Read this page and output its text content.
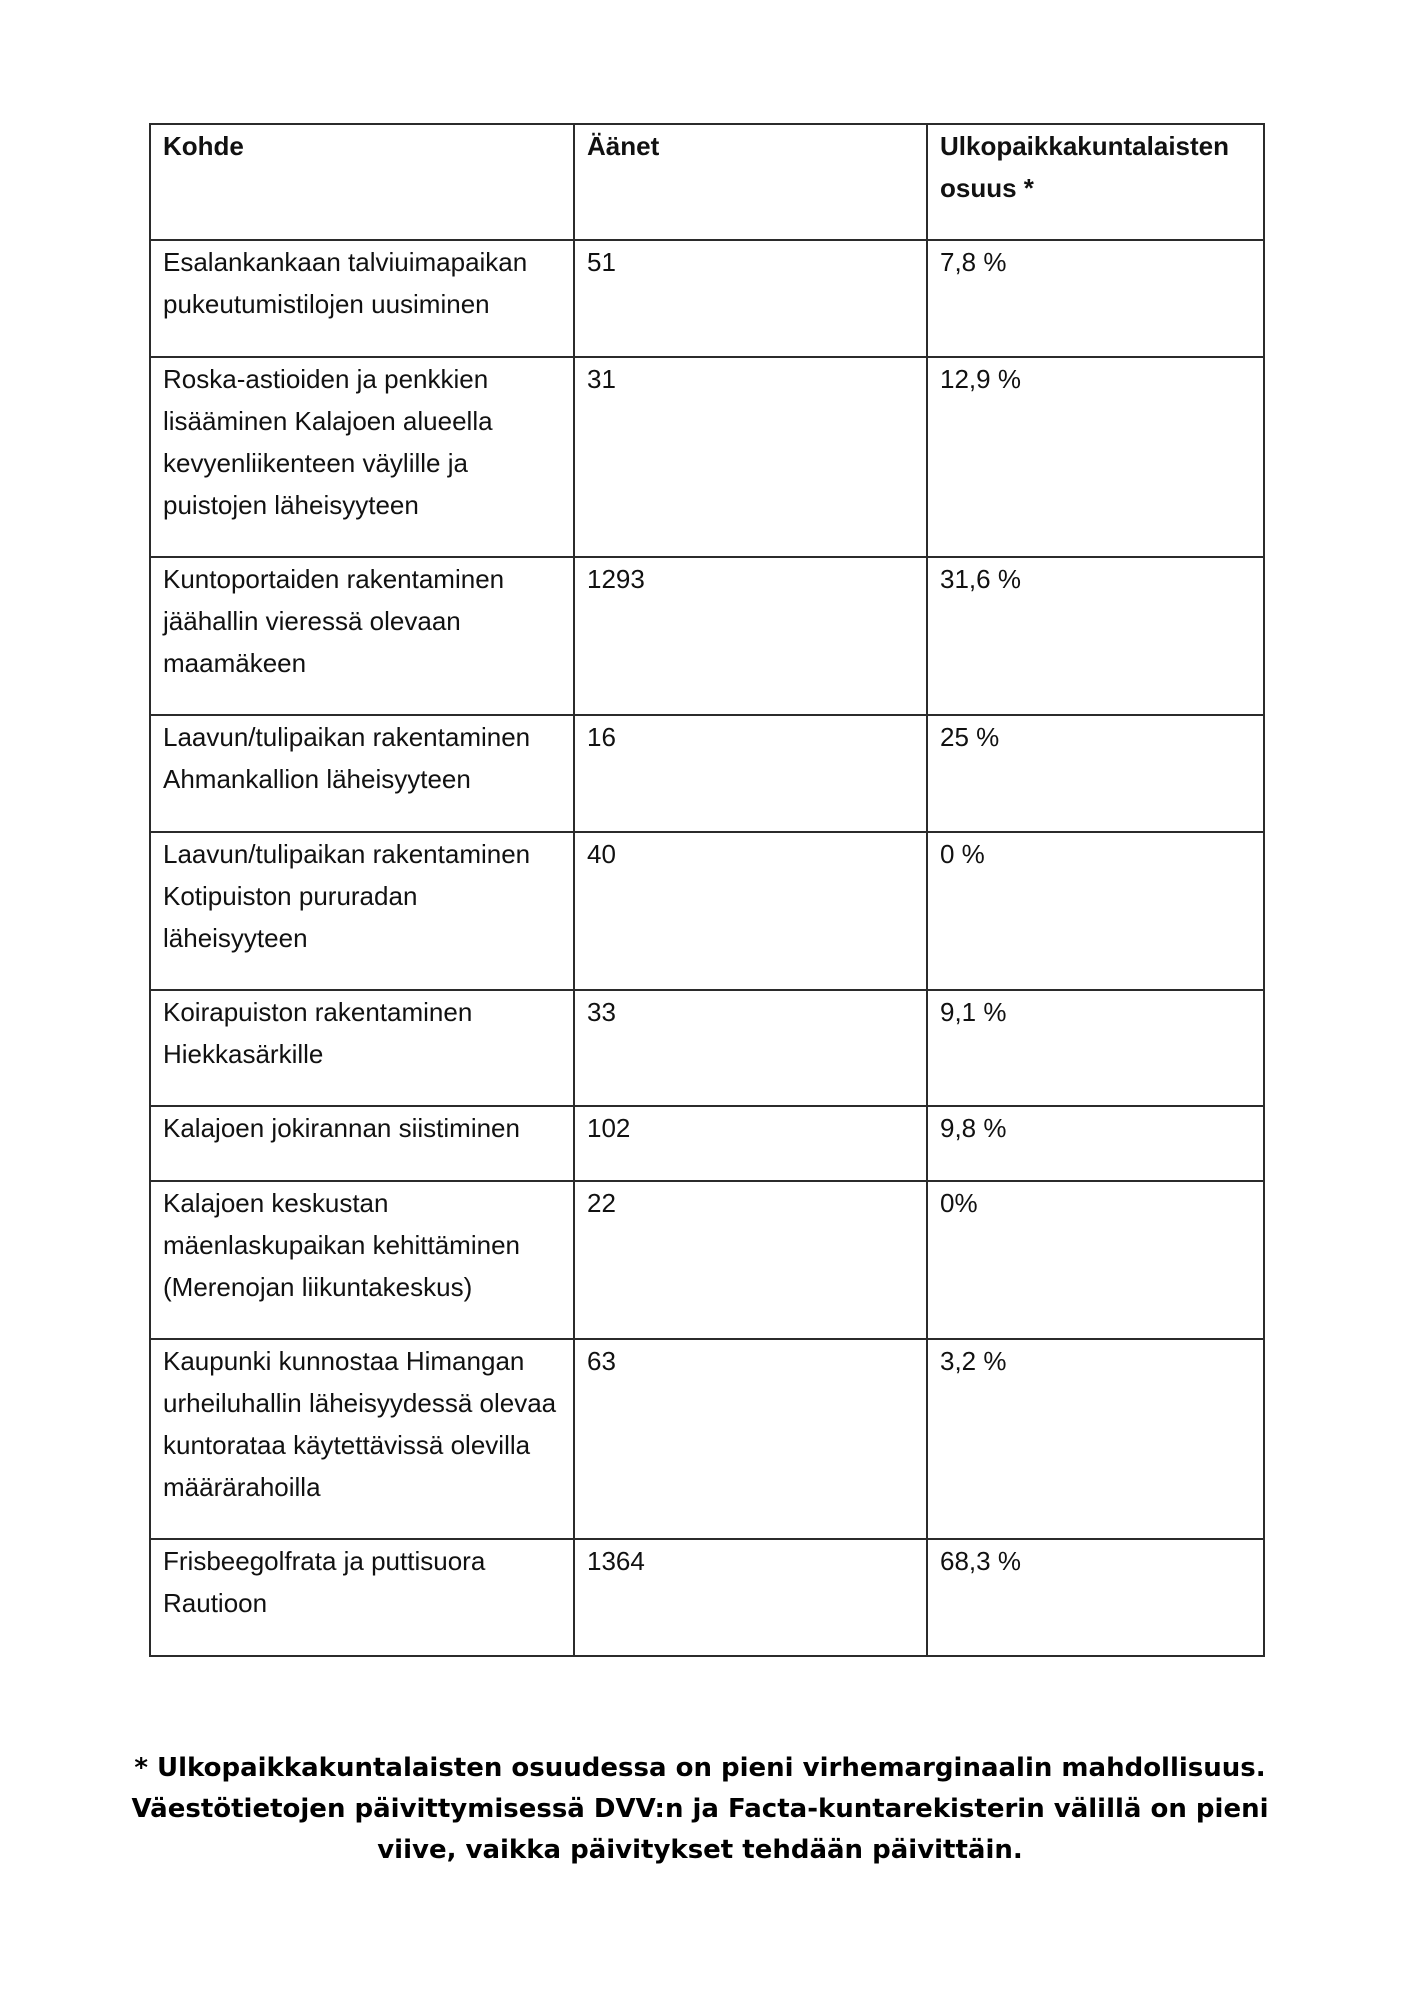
Kohde	Äänet	Ulkopaikkakuntalaisten osuus *
Esalankankaan talviuimapaikan pukeutumistilojen uusiminen	51	7,8 %
Roska-astioiden ja penkkien lisääminen Kalajoen alueella kevyenliikenteen väylille ja puistojen läheisyyteen	31	12,9 %
Kuntoportaiden rakentaminen jäähallin vieressä olevaan maamäkeen	1293	31,6 %
Laavun/tulipaikan rakentaminen Ahmankallion läheisyyteen	16	25 %
Laavun/tulipaikan rakentaminen Kotipuiston pururadan läheisyyteen	40	0 %
Koirapuiston rakentaminen Hiekkasärkille	33	9,1 %
Kalajoen jokirannan siistiminen	102	9,8 %
Kalajoen keskustan mäenlaskupaikan kehittäminen (Merenojan liikuntakeskus)	22	0%
Kaupunki kunnostaa Himangan urheiluhallin läheisyydessä olevaa kuntorataa käytettävissä olevilla määrärahoilla	63	3,2 %
Frisbeegolfrata ja puttisuora Rautioon	1364	68,3 %
* Ulkopaikkakuntalaisten osuudessa on pieni virhemarginaalin mahdollisuus. Väestötietojen päivittymisessä DVV:n ja Facta-kuntarekisterin välillä on pieni viive, vaikka päivitykset tehdään päivittäin.
